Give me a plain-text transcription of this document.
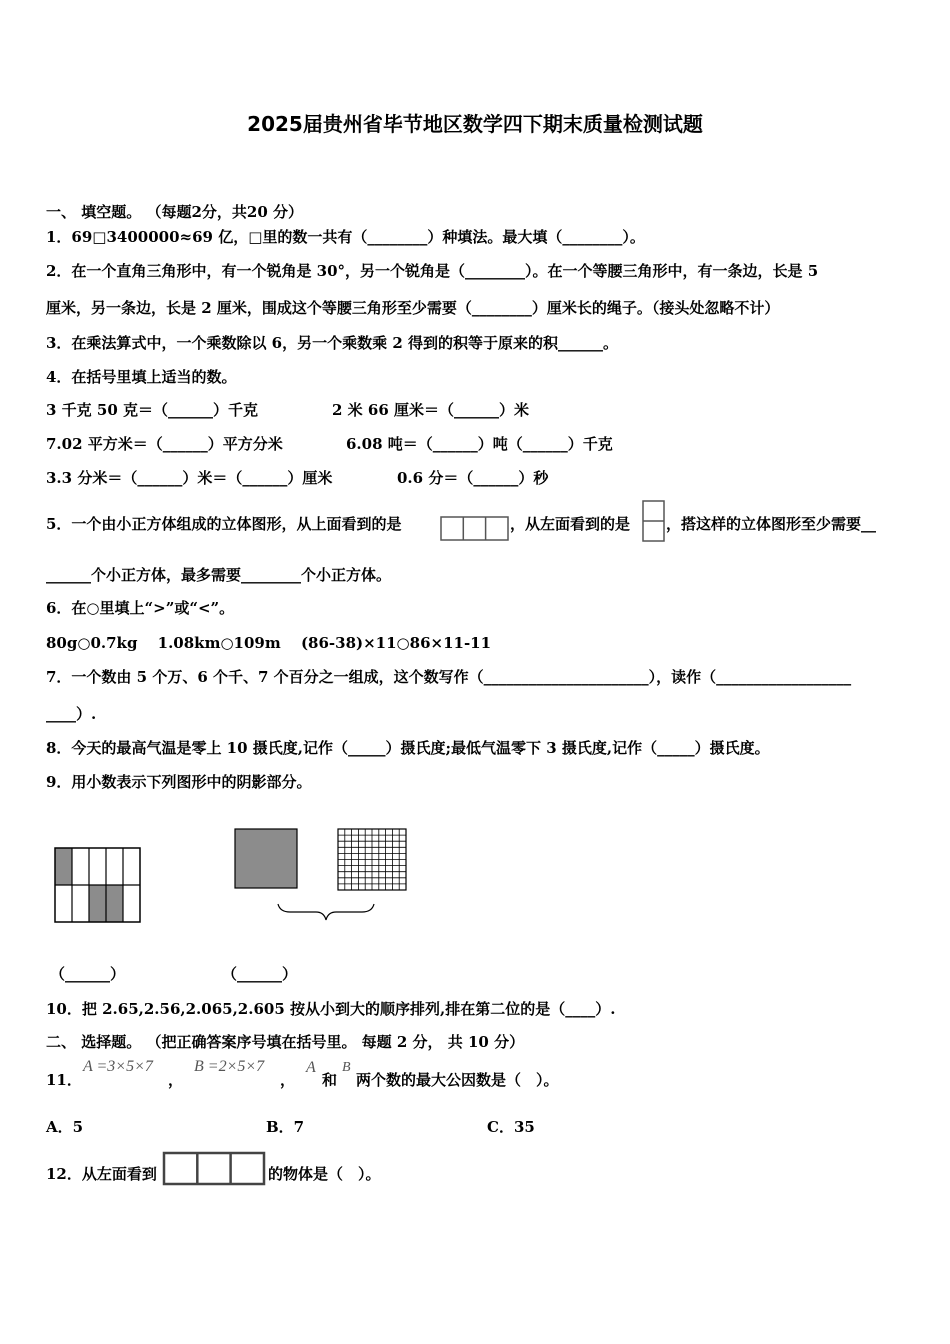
2025届贵州省毕节地区数学四下期末质量检测试题
一、 填空题。 （每题2分，共20 分）
1．69□3400000≈69 亿，□里的数一共有（________）种填法。最大填（________）。
2．在一个直角三角形中，有一个锐角是 30°，另一个锐角是（________）。在一个等腰三角形中，有一条边，长是 5
厘米，另一条边，长是 2 厘米，围成这个等腰三角形至少需要（________）厘米长的绳子。（接头处忽略不计）
3．在乘法算式中，一个乘数除以 6，另一个乘数乘 2 得到的积等于原来的积______。
4．在括号里填上适当的数。
3 千克 50 克＝（______）千克	2 米 66 厘米＝（______）米
7.02 平方米＝（______）平方分米	6.08 吨＝（______）吨（______）千克
3.3 分米＝（______）米＝（______）厘米	0.6 分＝（______）秒
5．一个由小正方体组成的立体图形，从上面看到的是	，从左面看到的是 ，搭这样的立体图形至少需要__
______个小正方体，最多需要________个小正方体。
6．在○里填上“>”或“<”。
80g○0.7kg　 1.08km○109m　 (86-38)×11○86×11-11
7．一个数由 5 个万、6 个千、7 个百分之一组成，这个数写作（______________________），读作（__________________
____）.
8．今天的最高气温是零上 10 摄氏度,记作（_____）摄氏度;最低气温零下 3 摄氏度,记作（_____）摄氏度。
9．用小数表示下列图形中的阴影部分。
（______）	（______）
10．把 2.65,2.56,2.065,2.605 按从小到大的顺序排列,排在第二位的是（____）.
二、 选择题。 （把正确答案序号填在括号里。 每题 2 分， 共 10 分）
11．
A =3×5×7
，
B =2×5×7
，
A
和
B
两个数的最大公因数是（　）。
A．5	B．7	C．35
12．从左面看到	的物体是（　）。
